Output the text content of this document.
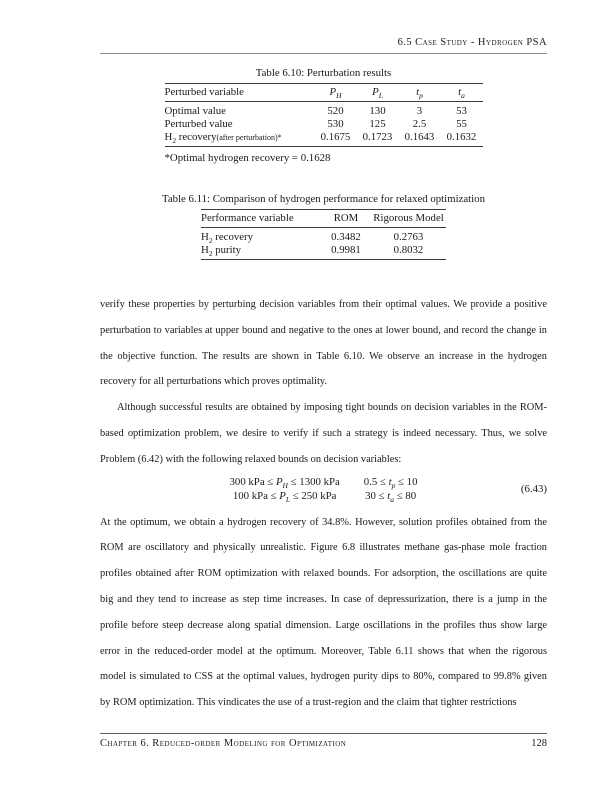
6.5 Case Study - Hydrogen PSA
Table 6.10: Perturbation results
Perturbed variable	$P_H$	$P_L$	$t_p$	$t_a$
Optimal value	520	130	3	53
Perturbed value	530	125	2.5	55
$H_2$ recovery(after perturbation)*	0.1675	0.1723	0.1643	0.1632
*Optimal hydrogen recovery = 0.1628
Table 6.11: Comparison of hydrogen performance for relaxed optimization
Performance variable	ROM	Rigorous Model
$H_2$ recovery	0.3482	0.2763
$H_2$ purity	0.9981	0.8032

verify these properties by perturbing decision variables from their optimal values. We provide a positive perturbation to variables at upper bound and negative to the ones at lower bound, and record the change in the objective function. The results are shown in Table 6.10. We observe an increase in the hydrogen recovery for all perturbations which proves optimality.

Although successful results are obtained by imposing tight bounds on decision variables in the ROM-based optimization problem, we desire to verify if such a strategy is indeed necessary. Thus, we solve Problem (6.42) with the following relaxed bounds on decision variables:

300 kPa ≤ $P_H \le 1300$ kPa
100 kPa ≤ $P_L \le 250$ kPa
$0.5 \le t_p \le 10$
$30 \le t_a \le 80$
(6.43)

At the optimum, we obtain a hydrogen recovery of 34.8%. However, solution profiles obtained from the ROM are oscillatory and physically unrealistic. Figure 6.8 illustrates methane gas-phase mole fraction profiles obtained after ROM optimization with relaxed bounds. For adsorption, the oscillations are quite big and they tend to increase as step time increases. In case of depressurization, there is a jump in the profile before steep decrease along spatial dimension. Large oscillations in the profiles thus show large error in the reduced-order model at the optimum. Moreover, Table 6.11 shows that when the rigorous model is simulated to CSS at the optimal values, hydrogen purity dips to 80%, compared to 99.8% given by ROM optimization. This vindicates the use of a trust-region and the claim that tighter restrictions

Chapter 6. Reduced-order Modeling for Optimization	128
